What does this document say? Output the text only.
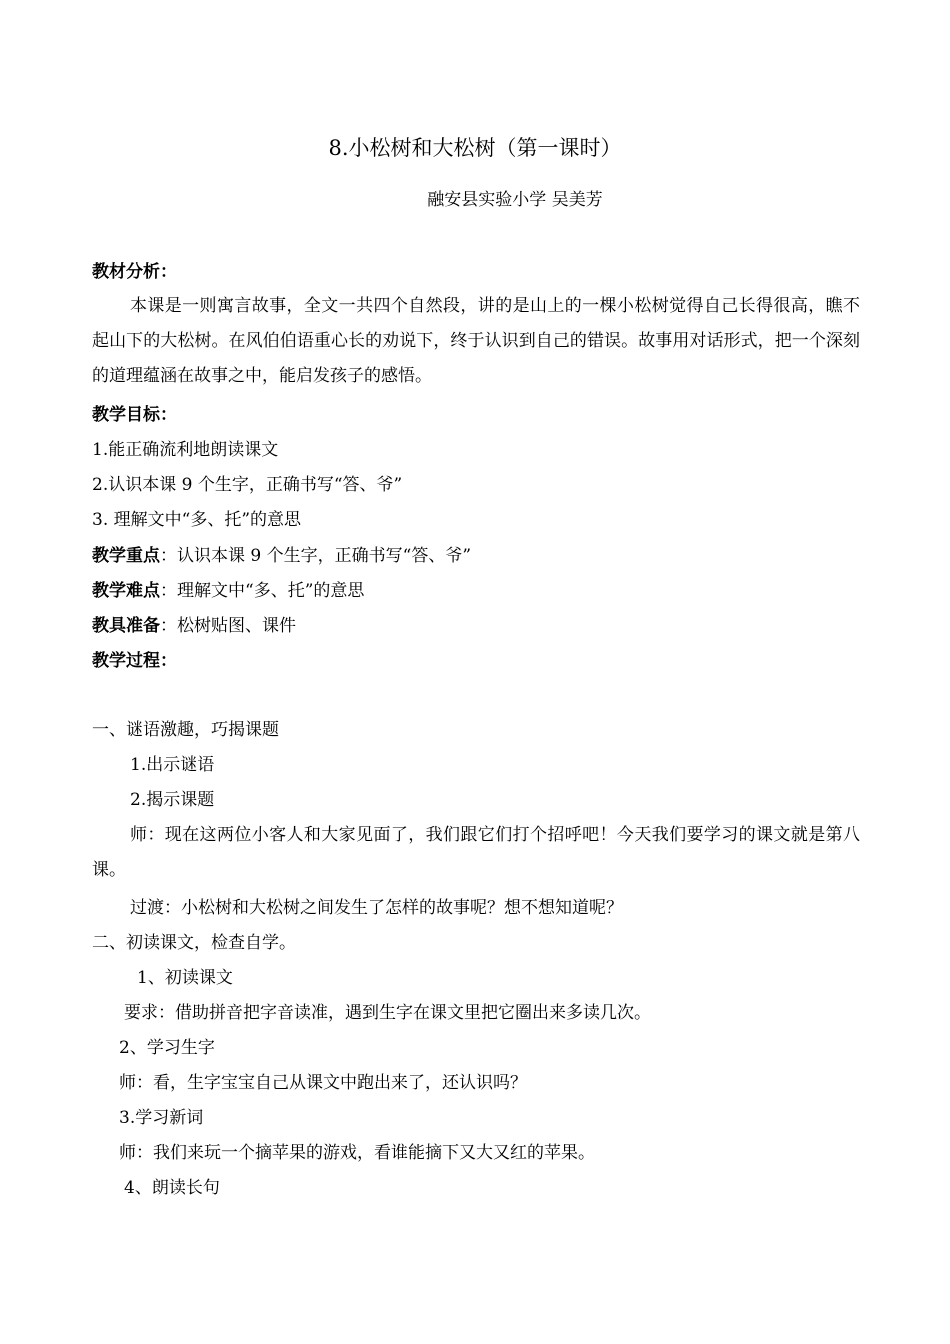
8.小松树和大松树（第一课时）
融安县实验小学 吴美芳
教材分析：
本课是一则寓言故事，全文一共四个自然段，讲的是山上的一棵小松树觉得自己长得很高，瞧不起山下的大松树。在风伯伯语重心长的劝说下，终于认识到自己的错误。故事用对话形式，把一个深刻的道理蕴涵在故事之中，能启发孩子的感悟。
教学目标：
1.能正确流利地朗读课文
2.认识本课 9 个生字，正确书写“答、爷”
3. 理解文中“多、托”的意思
教学重点：认识本课 9 个生字，正确书写“答、爷”
教学难点：理解文中“多、托”的意思
教具准备：松树贴图、课件
教学过程：
一、谜语激趣，巧揭课题
1.出示谜语
2.揭示课题
师：现在这两位小客人和大家见面了，我们跟它们打个招呼吧！今天我们要学习的课文就是第八课。
过渡：小松树和大松树之间发生了怎样的故事呢？想不想知道呢？
二、初读课文，检查自学。
1、初读课文
要求：借助拼音把字音读准，遇到生字在课文里把它圈出来多读几次。
2、学习生字
师：看，生字宝宝自己从课文中跑出来了，还认识吗？
3.学习新词
师：我们来玩一个摘苹果的游戏，看谁能摘下又大又红的苹果。
4、朗读长句
